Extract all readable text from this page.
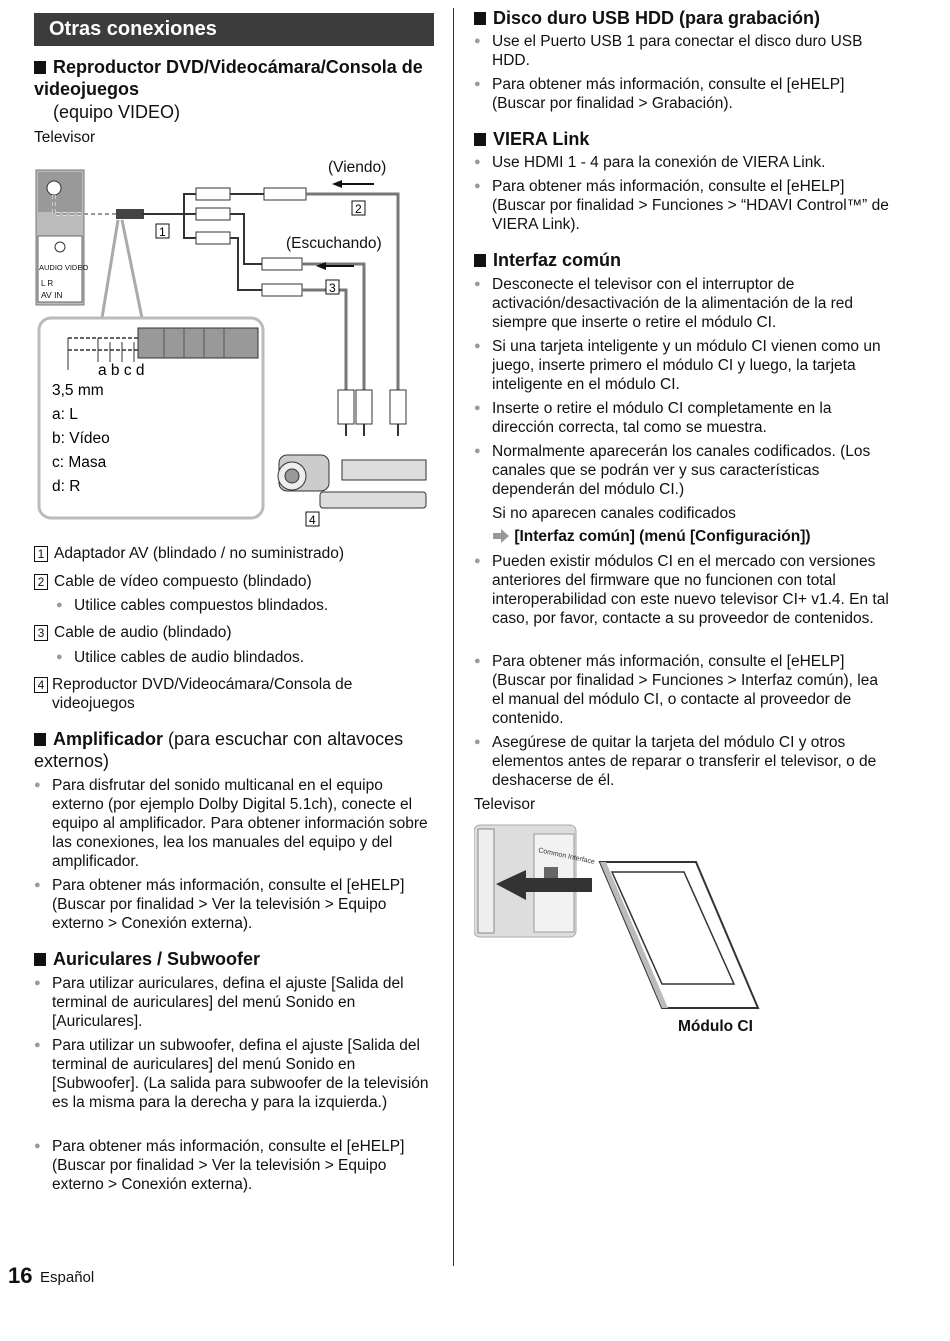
Otras conexiones
Reproductor DVD/Videocámara/Consola de videojuegos
(equipo VIDEO)
Televisor
AUDIO VIDEO
L R
AV IN
(Viendo)
(Escuchando)
1
2
3
4
a b c d
3,5 mm
a: L
b: Vídeo
c: Masa
d: R
1 Adaptador AV (blindado / no suministrado)
2 Cable de vídeo compuesto (blindado)
● Utilice cables compuestos blindados.
3 Cable de audio (blindado)
● Utilice cables de audio blindados.
4 Reproductor DVD/Videocámara/Consola de videojuegos
Amplificador (para escuchar con altavoces externos)
● Para disfrutar del sonido multicanal en el equipo externo (por ejemplo Dolby Digital 5.1ch), conecte el equipo al amplificador. Para obtener información sobre las conexiones, lea los manuales del equipo y del amplificador.
● Para obtener más información, consulte el [eHELP] (Buscar por finalidad > Ver la televisión > Equipo externo > Conexión externa).
Auriculares / Subwoofer
● Para utilizar auriculares, defina el ajuste [Salida del terminal de auriculares] del menú Sonido en [Auriculares].
● Para utilizar un subwoofer, defina el ajuste [Salida del terminal de auriculares] del menú Sonido en [Subwoofer]. (La salida para subwoofer de la televisión es la misma para la derecha y para la izquierda.)
● Para obtener más información, consulte el [eHELP] (Buscar por finalidad > Ver la televisión > Equipo externo > Conexión externa).
Disco duro USB HDD (para grabación)
● Use el Puerto USB 1 para conectar el disco duro USB HDD.
● Para obtener más información, consulte el [eHELP] (Buscar por finalidad > Grabación).
VIERA Link
● Use HDMI 1 - 4 para la conexión de VIERA Link.
● Para obtener más información, consulte el [eHELP] (Buscar por finalidad > Funciones > “HDAVI Control™” de VIERA Link).
Interfaz común
● Desconecte el televisor con el interruptor de activación/desactivación de la alimentación de la red siempre que inserte o retire el módulo CI.
● Si una tarjeta inteligente y un módulo CI vienen como un juego, inserte primero el módulo CI y luego, la tarjeta inteligente en el módulo CI.
● Inserte o retire el módulo CI completamente en la dirección correcta, tal como se muestra.
● Normalmente aparecerán los canales codificados. (Los canales que se podrán ver y sus características dependerán del módulo CI.)
Si no aparecen canales codificados
[Interfaz común] (menú [Configuración])
● Pueden existir módulos CI en el mercado con versiones anteriores del firmware que no funcionen con total interoperabilidad con este nuevo televisor CI+ v1.4. En tal caso, por favor, contacte a su proveedor de contenidos.
● Para obtener más información, consulte el [eHELP] (Buscar por finalidad > Funciones > Interfaz común), lea el manual del módulo CI, o contacte al proveedor de contenido.
● Asegúrese de quitar la tarjeta del módulo CI y otros elementos antes de reparar o transferir el televisor, o de deshacerse de él.
Televisor
Common Interface
Módulo CI
16 Español
